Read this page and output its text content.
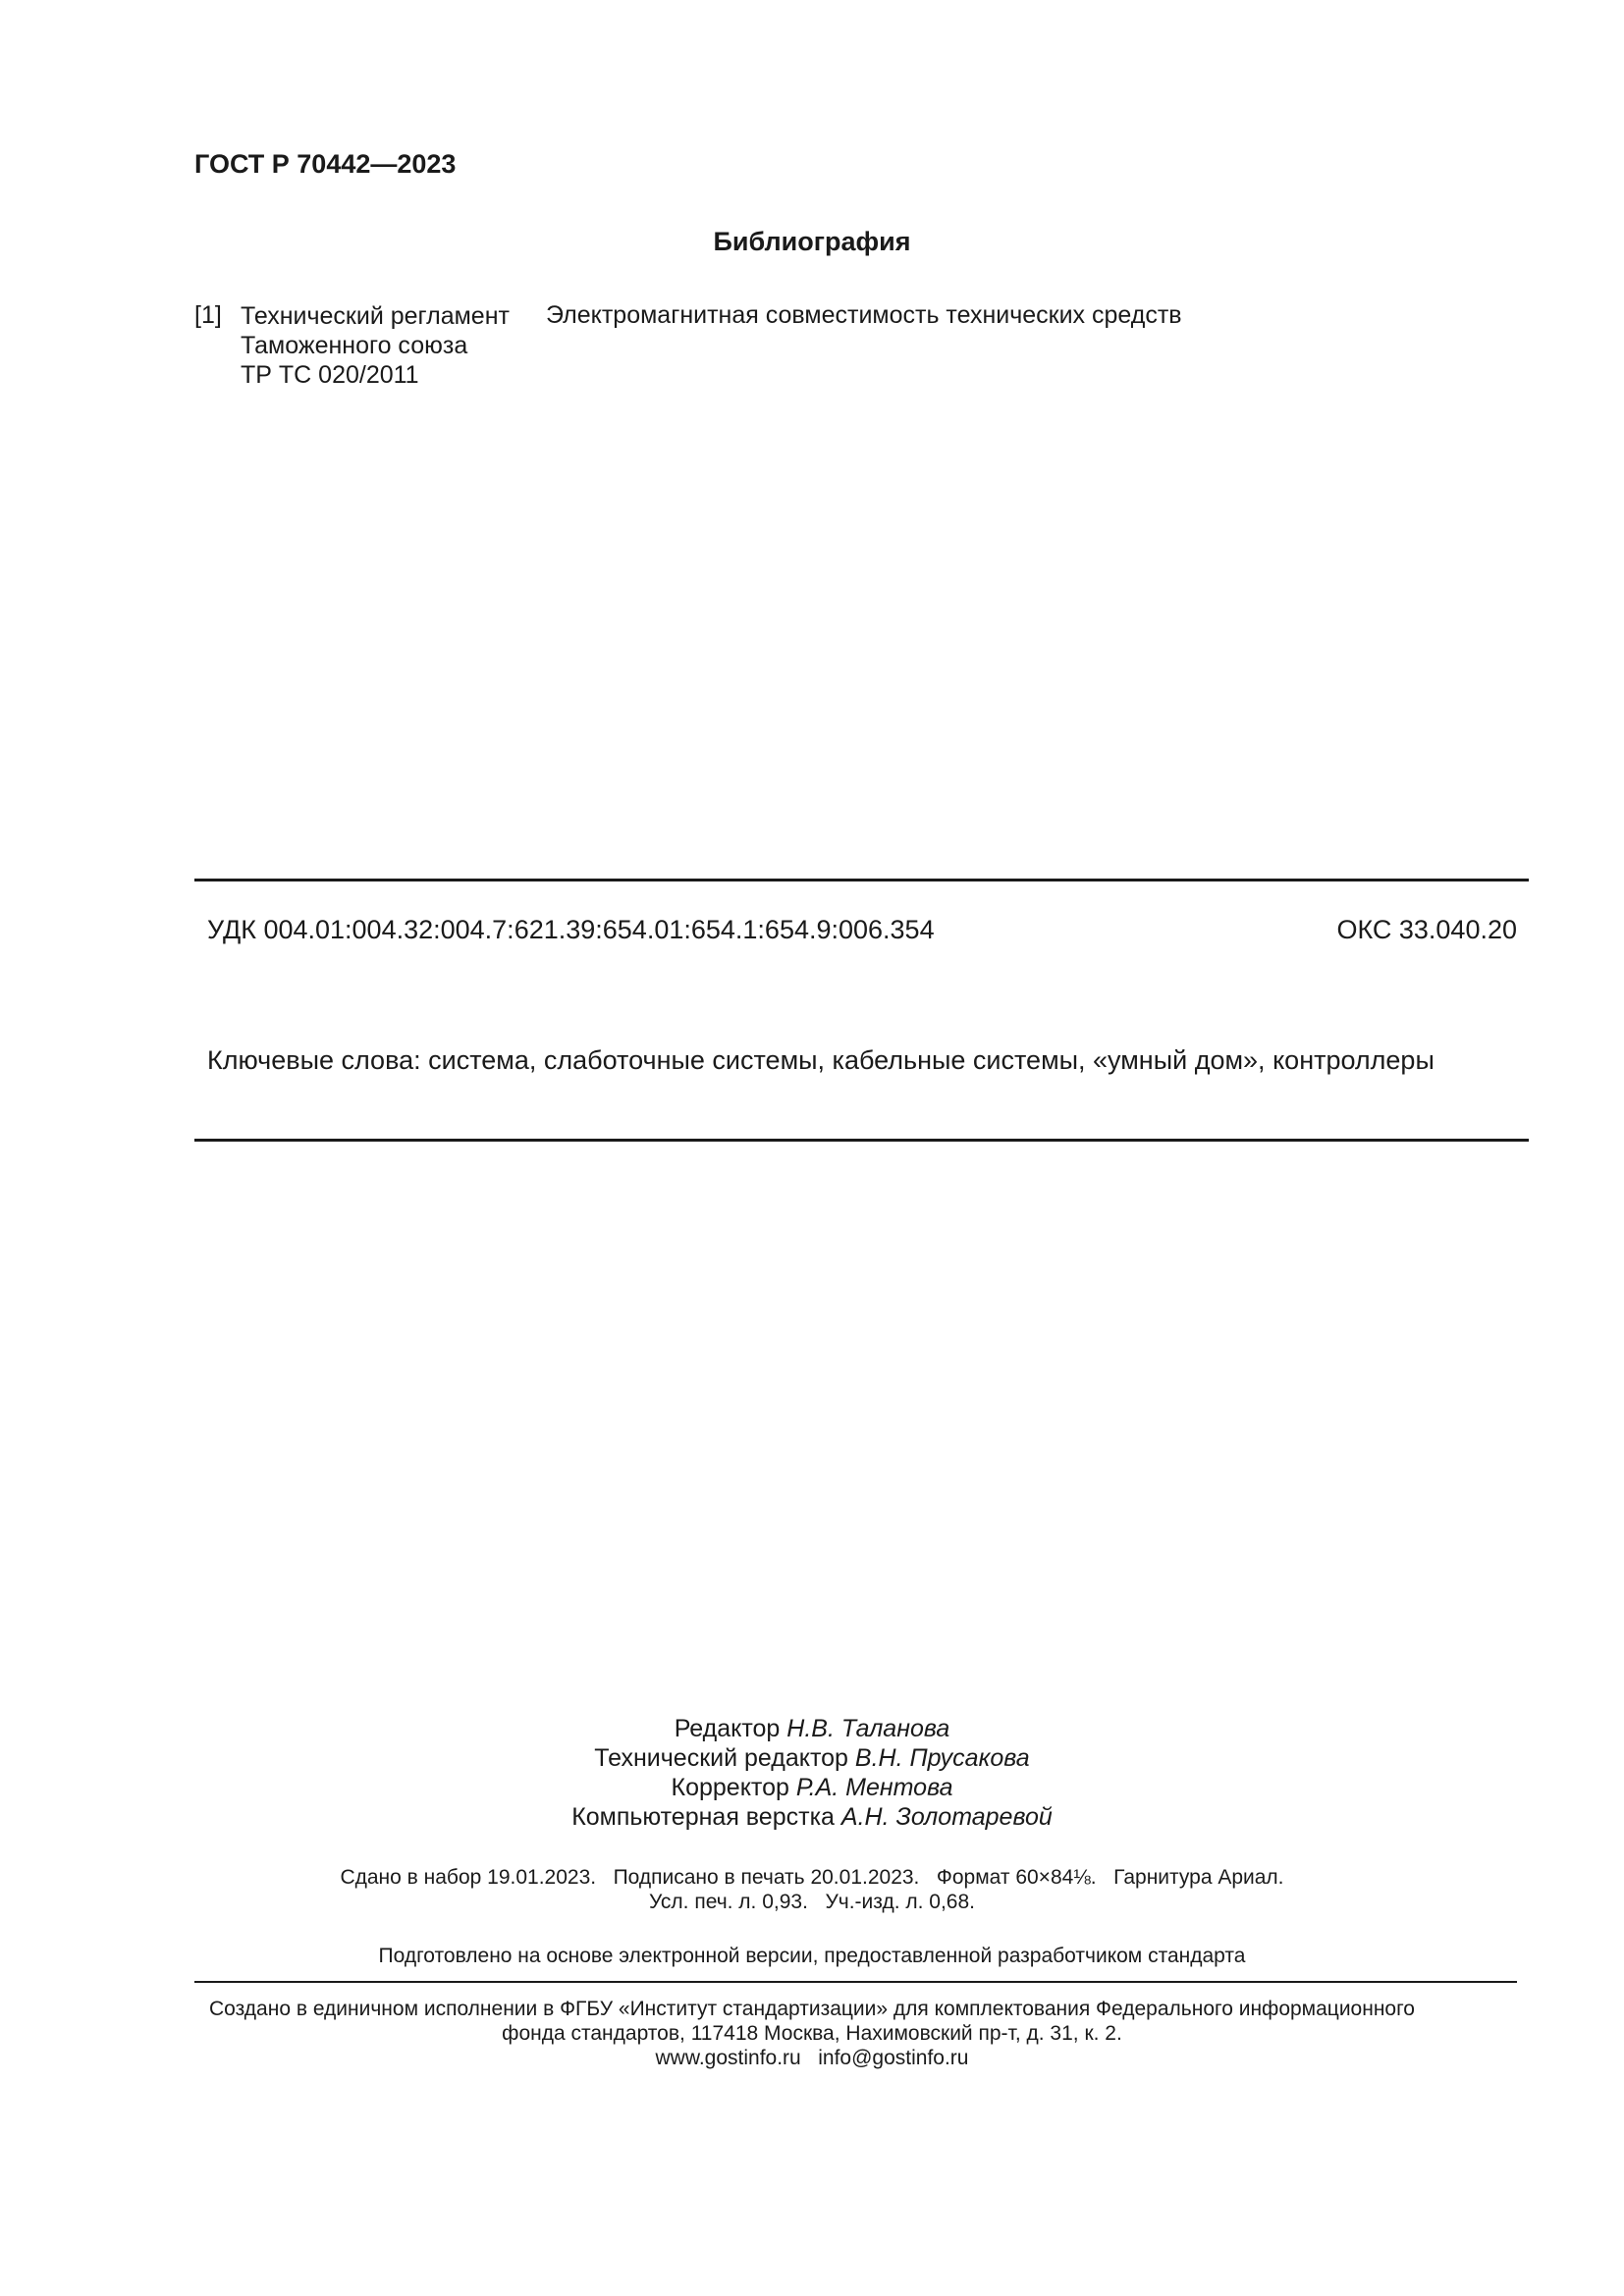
ГОСТ Р 70442—2023
Библиография
[1] Технический регламент
Таможенного союза
ТР ТС 020/2011
Электромагнитная совместимость технических средств
УДК 004.01:004.32:004.7:621.39:654.01:654.1:654.9:006.354	ОКС 33.040.20
Ключевые слова: система, слаботочные системы, кабельные системы, «умный дом», контроллеры
Редактор Н.В. Таланова
Технический редактор В.Н. Прусакова
Корректор Р.А. Ментова
Компьютерная верстка А.Н. Золотаревой
Сдано в набор 19.01.2023.   Подписано в печать 20.01.2023.   Формат 60×84⅛.   Гарнитура Ариал.
Усл. печ. л. 0,93.   Уч.-изд. л. 0,68.
Подготовлено на основе электронной версии, предоставленной разработчиком стандарта
Создано в единичном исполнении в ФГБУ «Институт стандартизации» для комплектования Федерального информационного
фонда стандартов, 117418 Москва, Нахимовский пр-т, д. 31, к. 2.
www.gostinfo.ru info@gostinfo.ru
